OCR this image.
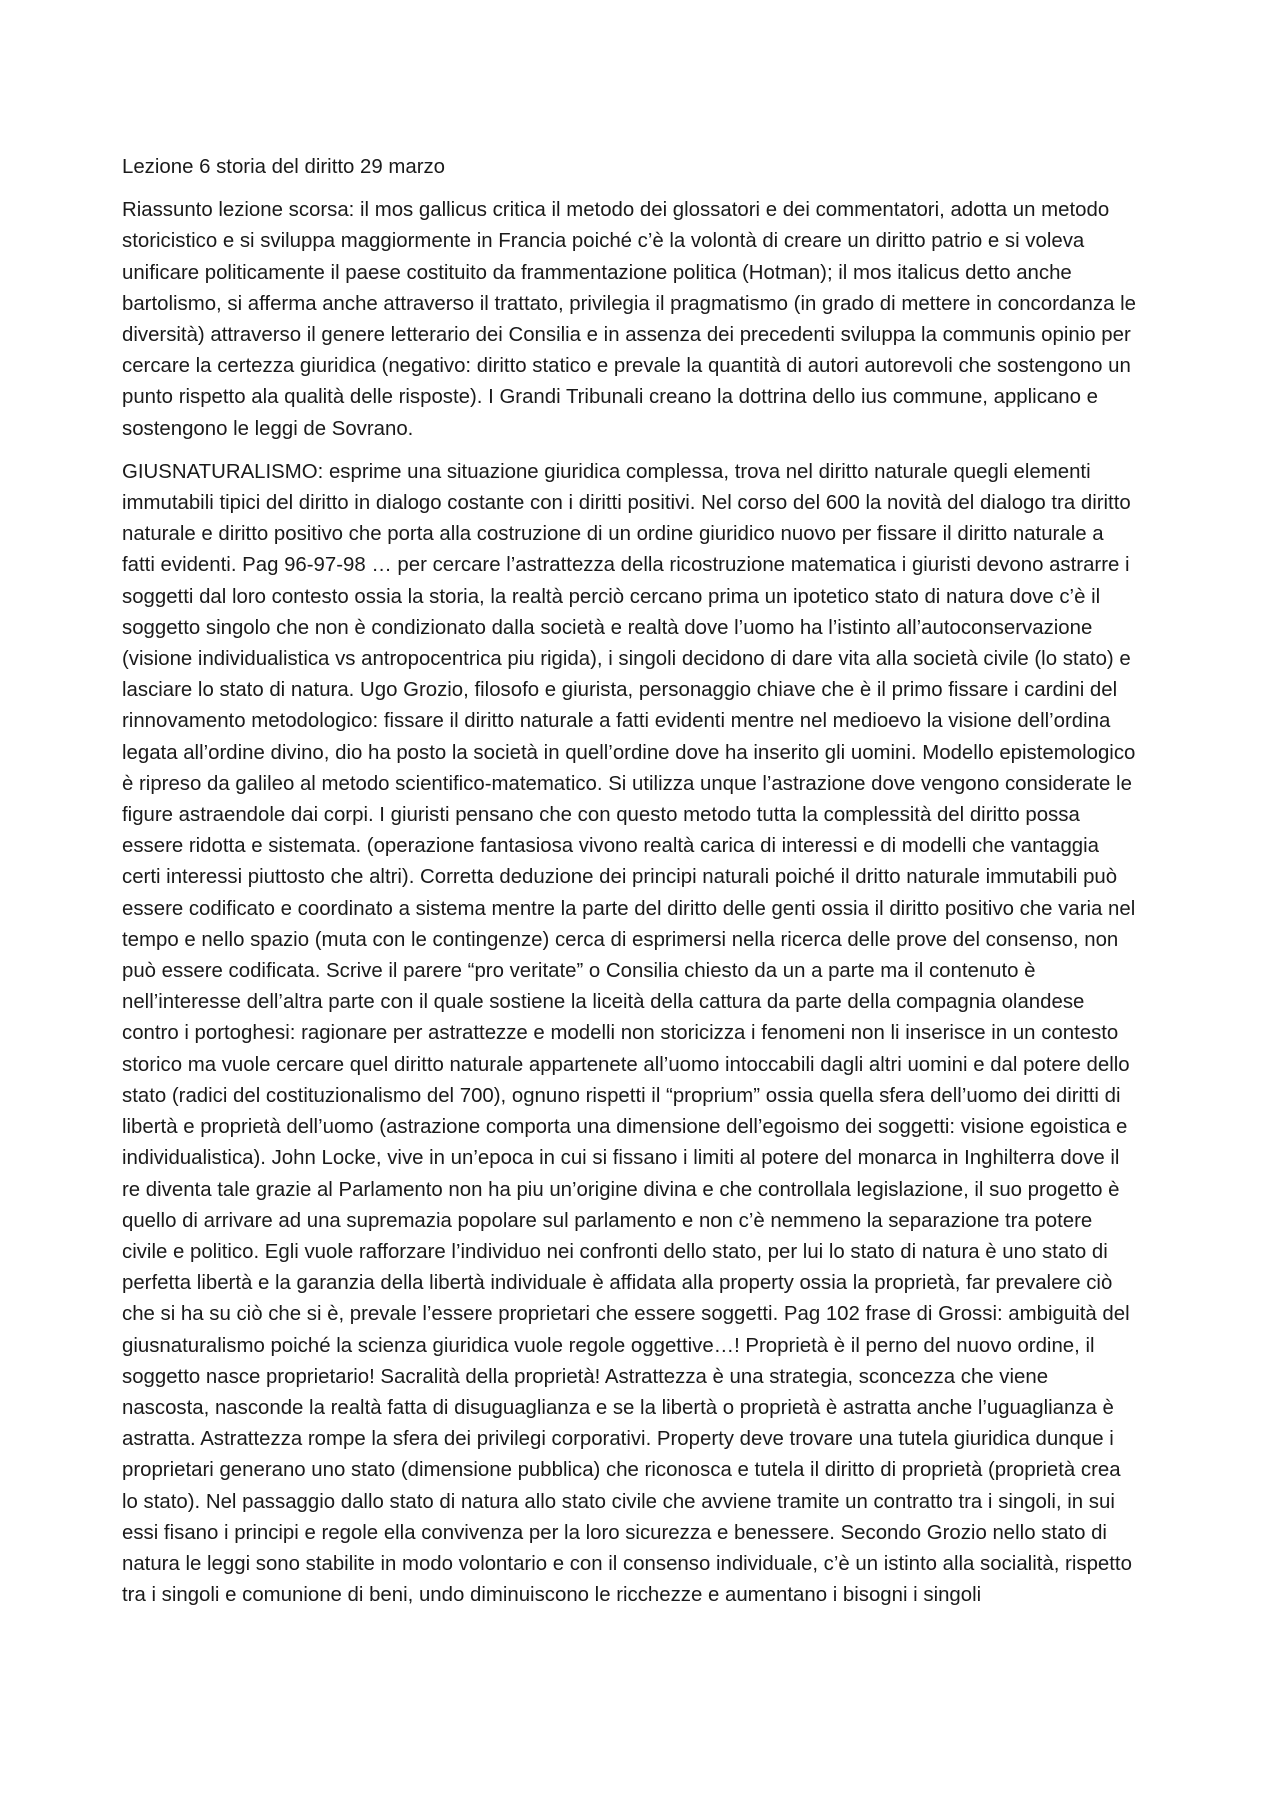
Lezione 6 storia del diritto 29 marzo

Riassunto lezione scorsa: il mos gallicus critica il metodo dei glossatori e dei commentatori, adotta un metodo storicistico e si sviluppa maggiormente in Francia poiché c’è la volontà di creare un diritto patrio e si voleva unificare politicamente il paese costituito da frammentazione politica (Hotman); il mos italicus detto anche bartolismo, si afferma anche attraverso il trattato, privilegia il pragmatismo (in grado di mettere in concordanza le diversità) attraverso il genere letterario dei Consilia e in assenza dei precedenti sviluppa la communis opinio per cercare la certezza giuridica (negativo: diritto statico e prevale la quantità di autori autorevoli che sostengono un punto rispetto ala qualità delle risposte). I Grandi Tribunali creano la dottrina dello ius commune, applicano e sostengono le leggi de Sovrano.

GIUSNATURALISMO: esprime una situazione giuridica complessa, trova nel diritto naturale quegli elementi immutabili tipici del diritto in dialogo costante con i diritti positivi. Nel corso del 600 la novità del dialogo tra diritto naturale e diritto positivo che porta alla costruzione di un ordine giuridico nuovo per fissare il diritto naturale a fatti evidenti. Pag 96-97-98 … per cercare l’astrattezza della ricostruzione matematica i giuristi devono astrarre i soggetti dal loro contesto ossia la storia, la realtà perciò cercano prima un ipotetico stato di natura dove c’è il soggetto singolo che non è condizionato dalla società e realtà dove l’uomo ha l’istinto all’autoconservazione (visione individualistica vs antropocentrica piu rigida), i singoli decidono di dare vita alla società civile (lo stato) e lasciare lo stato di natura. Ugo Grozio, filosofo e giurista, personaggio chiave che è il primo fissare i cardini del rinnovamento metodologico: fissare il diritto naturale a fatti evidenti mentre nel medioevo la visione dell’ordina legata all’ordine divino, dio ha posto la società in quell’ordine dove ha inserito gli uomini. Modello epistemologico è ripreso da galileo al metodo scientifico-matematico. Si utilizza unque l’astrazione dove vengono considerate le figure astraendole dai corpi. I giuristi pensano che con questo metodo tutta la complessità del diritto possa essere ridotta e sistemata. (operazione fantasiosa vivono realtà carica di interessi e di modelli che vantaggia certi interessi piuttosto che altri). Corretta deduzione dei principi naturali poiché il dritto naturale immutabili può essere codificato e coordinato a sistema mentre la parte del diritto delle genti ossia il diritto positivo che varia nel tempo e nello spazio (muta con le contingenze) cerca di esprimersi nella ricerca delle prove del consenso, non può essere codificata. Scrive il parere “pro veritate” o Consilia chiesto da un a parte ma il contenuto è nell’interesse dell’altra parte con il quale sostiene la liceità della cattura da parte della compagnia olandese contro i portoghesi: ragionare per astrattezze e modelli non storicizza i fenomeni non li inserisce in un contesto storico ma vuole cercare quel diritto naturale appartenete all’uomo intoccabili dagli altri uomini e dal potere dello stato (radici del costituzionalismo del 700), ognuno rispetti il “proprium” ossia quella sfera dell’uomo dei diritti di libertà e proprietà dell’uomo (astrazione comporta una dimensione dell’egoismo dei soggetti: visione egoistica e individualistica). John Locke, vive in un’epoca in cui si fissano i limiti al potere del monarca in Inghilterra dove il re diventa tale grazie al Parlamento non ha piu un’origine divina e che controllala legislazione, il suo progetto è quello di arrivare ad una supremazia popolare sul parlamento e non c’è nemmeno la separazione tra potere civile e politico. Egli vuole rafforzare l’individuo nei confronti dello stato, per lui lo stato di natura è uno stato di perfetta libertà e la garanzia della libertà individuale è affidata alla property ossia la proprietà, far prevalere ciò che si ha su ciò che si è, prevale l’essere proprietari che essere soggetti. Pag 102 frase di Grossi: ambiguità del giusnaturalismo poiché la scienza giuridica vuole regole oggettive…! Proprietà è il perno del nuovo ordine, il soggetto nasce proprietario! Sacralità della proprietà! Astrattezza è una strategia, sconcezza che viene nascosta, nasconde la realtà fatta di disuguaglianza e se la libertà o proprietà è astratta anche l’uguaglianza è astratta. Astrattezza rompe la sfera dei privilegi corporativi. Property deve trovare una tutela giuridica dunque i proprietari generano uno stato (dimensione pubblica) che riconosca e tutela il diritto di proprietà (proprietà crea lo stato). Nel passaggio dallo stato di natura allo stato civile che avviene tramite un contratto tra i singoli, in sui essi fisano i principi e regole ella convivenza per la loro sicurezza e benessere. Secondo Grozio nello stato di natura le leggi sono stabilite in modo volontario e con il consenso individuale, c’è un istinto alla socialità, rispetto tra i singoli e comunione di beni, undo diminuiscono le ricchezze e aumentano i bisogni i singoli
